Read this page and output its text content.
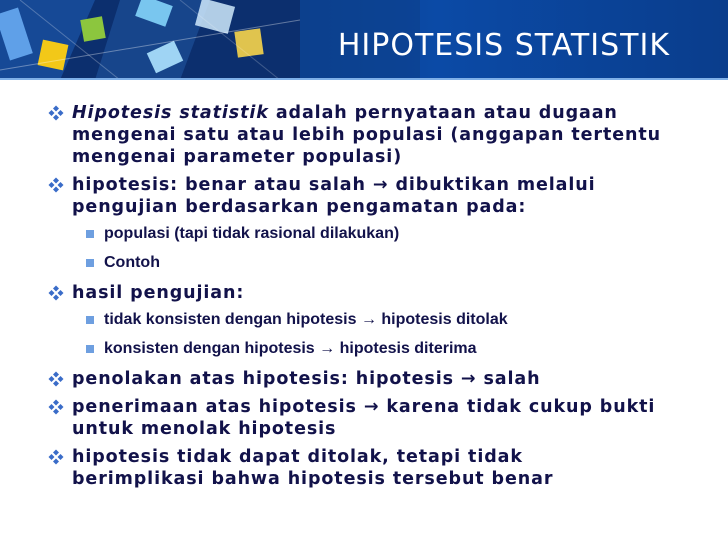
HIPOTESIS STATISTIK
Hipotesis statistik adalah pernyataan atau dugaan mengenai satu atau lebih populasi (anggapan tertentu mengenai parameter populasi)
hipotesis: benar atau salah → dibuktikan melalui pengujian berdasarkan pengamatan pada:
populasi (tapi tidak rasional dilakukan)
Contoh
hasil pengujian:
tidak konsisten dengan hipotesis → hipotesis ditolak
konsisten dengan hipotesis → hipotesis diterima
penolakan atas hipotesis: hipotesis → salah
penerimaan atas hipotesis → karena tidak cukup bukti untuk menolak hipotesis
hipotesis tidak dapat ditolak, tetapi tidak berimplikasi bahwa hipotesis tersebut benar
